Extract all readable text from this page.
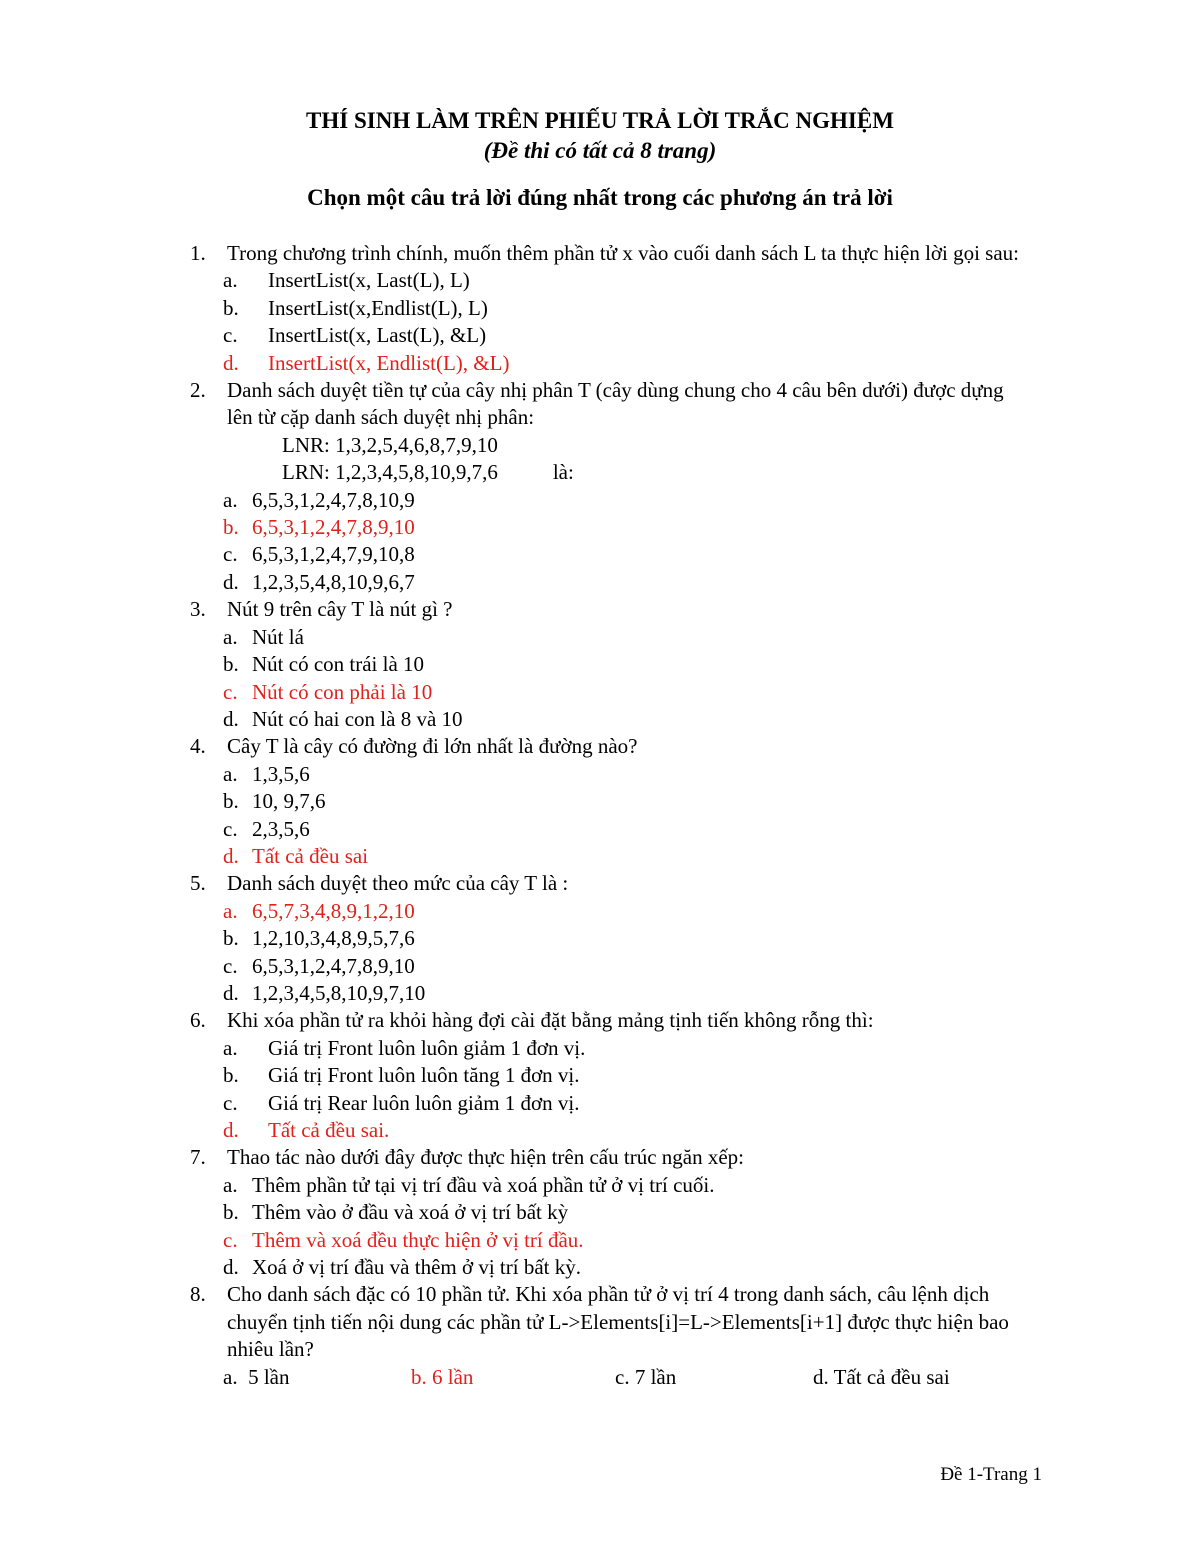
THÍ SINH LÀM TRÊN PHIẾU TRẢ LỜI TRẮC NGHIỆM
(Đề thi có tất cả 8 trang)
Chọn một câu trả lời đúng nhất trong các phương án trả lời
1. Trong chương trình chính, muốn thêm phần tử x vào cuối danh sách L ta thực hiện lời gọi sau:
a. InsertList(x, Last(L), L)
b. InsertList(x,Endlist(L), L)
c. InsertList(x, Last(L), &L)
d. InsertList(x, Endlist(L), &L)
2. Danh sách duyệt tiền tự của cây nhị phân T (cây dùng chung cho 4 câu bên dưới) được dựng lên từ cặp danh sách duyệt nhị phân:
LNR: 1,3,2,5,4,6,8,7,9,10
LRN: 1,2,3,4,5,8,10,9,7,6	là:
a. 6,5,3,1,2,4,7,8,10,9
b. 6,5,3,1,2,4,7,8,9,10
c. 6,5,3,1,2,4,7,9,10,8
d. 1,2,3,5,4,8,10,9,6,7
3. Nút 9 trên cây T là nút gì ?
a. Nút lá
b. Nút có con trái là 10
c. Nút có con phải là 10
d. Nút có hai con là 8 và 10
4. Cây T là cây có đường đi lớn nhất là đường nào?
a. 1,3,5,6
b. 10, 9,7,6
c. 2,3,5,6
d. Tất cả đều sai
5. Danh sách duyệt theo mức của cây T là :
a. 6,5,7,3,4,8,9,1,2,10
b. 1,2,10,3,4,8,9,5,7,6
c. 6,5,3,1,2,4,7,8,9,10
d. 1,2,3,4,5,8,10,9,7,10
6. Khi xóa phần tử ra khỏi hàng đợi cài đặt bằng mảng tịnh tiến không rỗng thì:
a. Giá trị Front luôn luôn giảm 1 đơn vị.
b. Giá trị Front luôn luôn tăng 1 đơn vị.
c. Giá trị Rear luôn luôn giảm 1 đơn vị.
d. Tất cả đều sai.
7. Thao tác nào dưới đây được thực hiện trên cấu trúc ngăn xếp:
a. Thêm phần tử tại vị trí đầu và xoá phần tử ở vị trí cuối.
b. Thêm vào ở đầu và xoá ở vị trí bất kỳ
c. Thêm và xoá đều thực hiện ở vị trí đầu.
d. Xoá ở vị trí đầu và thêm ở vị trí bất kỳ.
8. Cho danh sách đặc có 10 phần tử. Khi xóa phần tử ở vị trí 4 trong danh sách, câu lệnh dịch chuyển tịnh tiến nội dung các phần tử L->Elements[i]=L->Elements[i+1] được thực hiện bao nhiêu lần?
a. 5 lần	b. 6 lần	c. 7 lần	d. Tất cả đều sai
Đề 1-Trang 1
